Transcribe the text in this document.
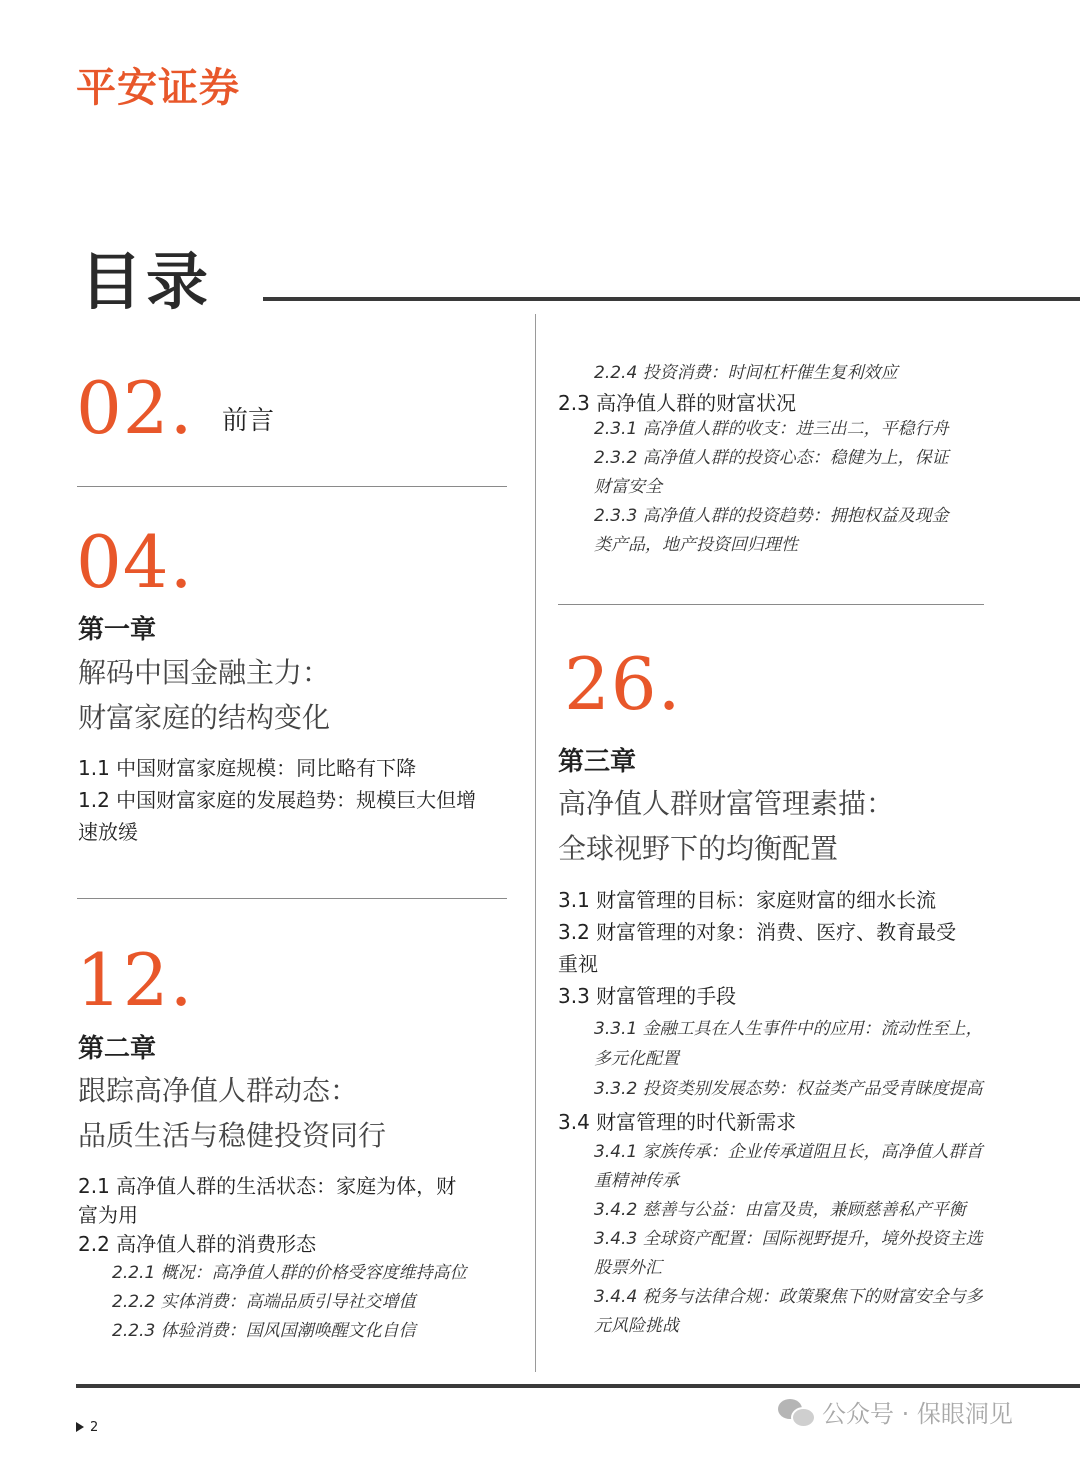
平安证券
目录
02. 前言
04.
第一章
解码中国金融主力：
财富家庭的结构变化
1.1 中国财富家庭规模：同比略有下降
1.2 中国财富家庭的发展趋势：规模巨大但增
速放缓
12.
第二章
跟踪高净值人群动态：
品质生活与稳健投资同行
2.1 高净值人群的生活状态：家庭为体，财
富为用
2.2 高净值人群的消费形态
2.2.1 概况：高净值人群的价格受容度维持高位
2.2.2 实体消费：高端品质引导社交增值
2.2.3 体验消费：国风国潮唤醒文化自信
2.2.4 投资消费：时间杠杆催生复利效应
2.3 高净值人群的财富状况
2.3.1 高净值人群的收支：进三出二，平稳行舟
2.3.2 高净值人群的投资心态：稳健为上，保证
财富安全
2.3.3 高净值人群的投资趋势：拥抱权益及现金
类产品，地产投资回归理性
26.
第三章
高净值人群财富管理素描：
全球视野下的均衡配置
3.1 财富管理的目标：家庭财富的细水长流
3.2 财富管理的对象：消费、医疗、教育最受
重视
3.3 财富管理的手段
3.3.1 金融工具在人生事件中的应用：流动性至上，
多元化配置
3.3.2 投资类别发展态势：权益类产品受青睐度提高
3.4 财富管理的时代新需求
3.4.1 家族传承：企业传承道阻且长，高净值人群首
重精神传承
3.4.2 慈善与公益：由富及贵，兼顾慈善私产平衡
3.4.3 全球资产配置：国际视野提升，境外投资主选
股票外汇
3.4.4 税务与法律合规：政策聚焦下的财富安全与多
元风险挑战
2	公众号 · 保眼洞见
